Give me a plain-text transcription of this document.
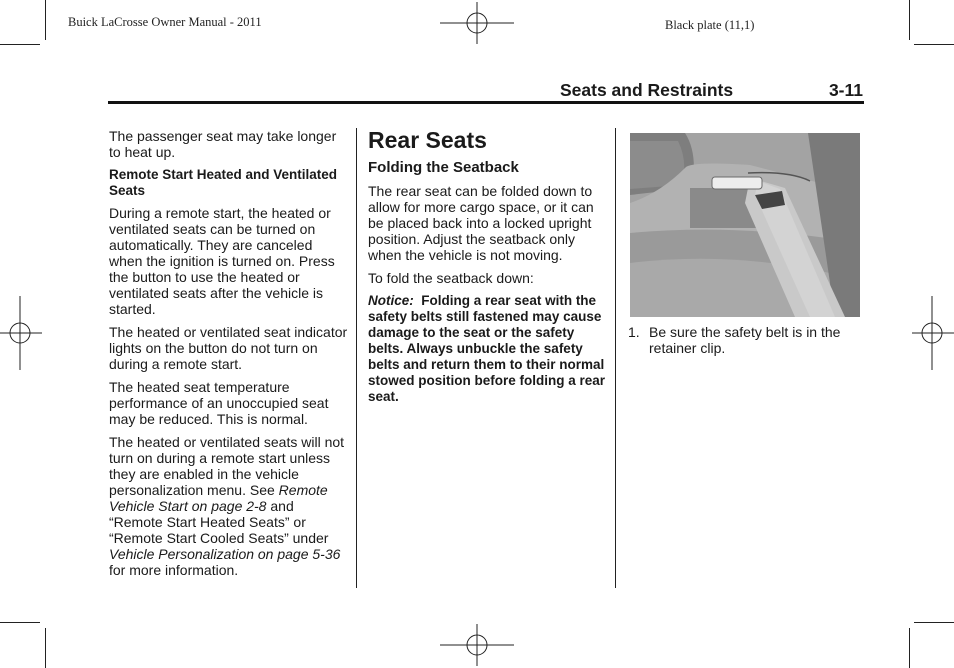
Buick LaCrosse Owner Manual - 2011	Black plate (11,1)
Seats and Restraints	3-11

The passenger seat may take longer to heat up.

Remote Start Heated and Ventilated Seats

During a remote start, the heated or ventilated seats can be turned on automatically. They are canceled when the ignition is turned on. Press the button to use the heated or ventilated seats after the vehicle is started.

The heated or ventilated seat indicator lights on the button do not turn on during a remote start.

The heated seat temperature performance of an unoccupied seat may be reduced. This is normal.

The heated or ventilated seats will not turn on during a remote start unless they are enabled in the vehicle personalization menu. See Remote Vehicle Start on page 2-8 and “Remote Start Heated Seats” or “Remote Start Cooled Seats” under Vehicle Personalization on page 5-36 for more information.

Rear Seats
Folding the Seatback

The rear seat can be folded down to allow for more cargo space, or it can be placed back into a locked upright position. Adjust the seatback only when the vehicle is not moving.

To fold the seatback down:

Notice: Folding a rear seat with the safety belts still fastened may cause damage to the seat or the safety belts. Always unbuckle the safety belts and return them to their normal stowed position before folding a rear seat.

1. Be sure the safety belt is in the retainer clip.
